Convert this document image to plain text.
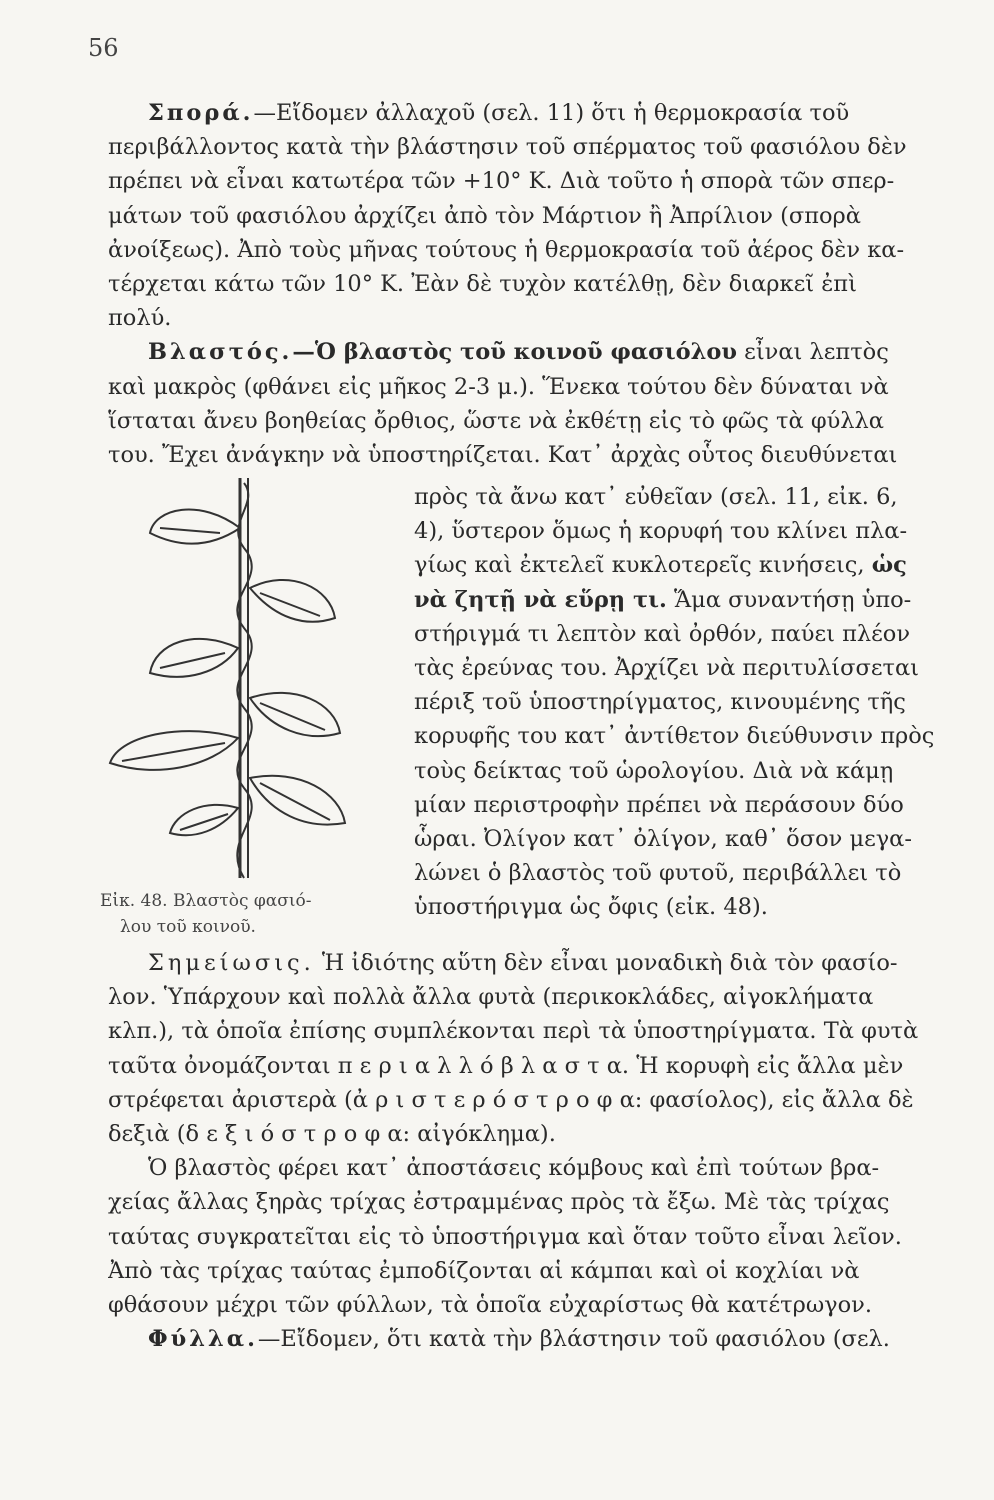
56
Σπορά.—Εἴδομεν ἀλλαχοῦ (σελ. 11) ὅτι ἡ θερμοκρασία τοῦ
περιβάλλοντος κατὰ τὴν βλάστησιν τοῦ σπέρματος τοῦ φασιόλου δὲν
πρέπει νὰ εἶναι κατωτέρα τῶν +10° Κ. Διὰ τοῦτο ἡ σπορὰ τῶν σπερ-
μάτων τοῦ φασιόλου ἀρχίζει ἀπὸ τὸν Μάρτιον ἢ Ἀπρίλιον (σπορὰ
ἀνοίξεως). Ἀπὸ τοὺς μῆνας τούτους ἡ θερμοκρασία τοῦ ἀέρος δὲν κα-
τέρχεται κάτω τῶν 10° Κ. Ἐὰν δὲ τυχὸν κατέλθῃ, δὲν διαρκεῖ ἐπὶ
πολύ.
Βλαστός.—Ὁ βλαστὸς τοῦ κοινοῦ φασιόλου εἶναι λεπτὸς
καὶ μακρὸς (φθάνει εἰς μῆκος 2-3 μ.). Ἕνεκα τούτου δὲν δύναται νὰ
ἵσταται ἄνευ βοηθείας ὄρθιος, ὥστε νὰ ἐκθέτῃ εἰς τὸ φῶς τὰ φύλλα
του. Ἔχει ἀνάγκην νὰ ὑποστηρίζεται. Κατ᾿ ἀρχὰς οὗτος διευθύνεται
πρὸς τὰ ἄνω κατ᾿ εὐθεῖαν (σελ. 11, εἰκ. 6,
4), ὕστερον ὅμως ἡ κορυφή του κλίνει πλα-
γίως καὶ ἐκτελεῖ κυκλοτερεῖς κινήσεις, ὡς
νὰ ζητῇ νὰ εὕρῃ τι. Ἅμα συναντήσῃ ὑπο-
στήριγμά τι λεπτὸν καὶ ὀρθόν, παύει πλέον
τὰς ἐρεύνας του. Ἀρχίζει νὰ περιτυλίσσεται
πέριξ τοῦ ὑποστηρίγματος, κινουμένης τῆς
κορυφῆς του κατ᾿ ἀντίθετον διεύθυνσιν πρὸς
τοὺς δείκτας τοῦ ὡρολογίου. Διὰ νὰ κάμῃ
μίαν περιστροφὴν πρέπει νὰ περάσουν δύο
ὧραι. Ὀλίγον κατ᾿ ὀλίγον, καθ᾿ ὅσον μεγα-
λώνει ὁ βλαστὸς τοῦ φυτοῦ, περιβάλλει τὸ
ὑποστήριγμα ὡς ὄφις (εἰκ. 48).
Εἰκ. 48. Βλαστὸς φασιό-
λου τοῦ κοινοῦ.
Σημείωσις. Ἡ ἰδιότης αὕτη δὲν εἶναι μοναδικὴ διὰ τὸν φασίο-
λον. Ὑπάρχουν καὶ πολλὰ ἄλλα φυτὰ (περικοκλάδες, αἰγοκλήματα
κλπ.), τὰ ὁποῖα ἐπίσης συμπλέκονται περὶ τὰ ὑποστηρίγματα. Τὰ φυτὰ
ταῦτα ὀνομάζονται π ε ρ ι α λ λ ό β λ α σ τ α. Ἡ κορυφὴ εἰς ἄλλα μὲν
στρέφεται ἀριστερὰ (ἀ ρ ι σ τ ε ρ ό σ τ ρ ο φ α: φασίολος), εἰς ἄλλα δὲ
δεξιὰ (δ ε ξ ι ό σ τ ρ ο φ α: αἰγόκλημα).
Ὁ βλαστὸς φέρει κατ᾿ ἀποστάσεις κόμβους καὶ ἐπὶ τούτων βρα-
χείας ἄλλας ξηρὰς τρίχας ἐστραμμένας πρὸς τὰ ἔξω. Μὲ τὰς τρίχας
ταύτας συγκρατεῖται εἰς τὸ ὑποστήριγμα καὶ ὅταν τοῦτο εἶναι λεῖον.
Ἀπὸ τὰς τρίχας ταύτας ἐμποδίζονται αἱ κάμπαι καὶ οἱ κοχλίαι νὰ
φθάσουν μέχρι τῶν φύλλων, τὰ ὁποῖα εὐχαρίστως θὰ κατέτρωγον.
Φύλλα.—Εἴδομεν, ὅτι κατὰ τὴν βλάστησιν τοῦ φασιόλου (σελ.
